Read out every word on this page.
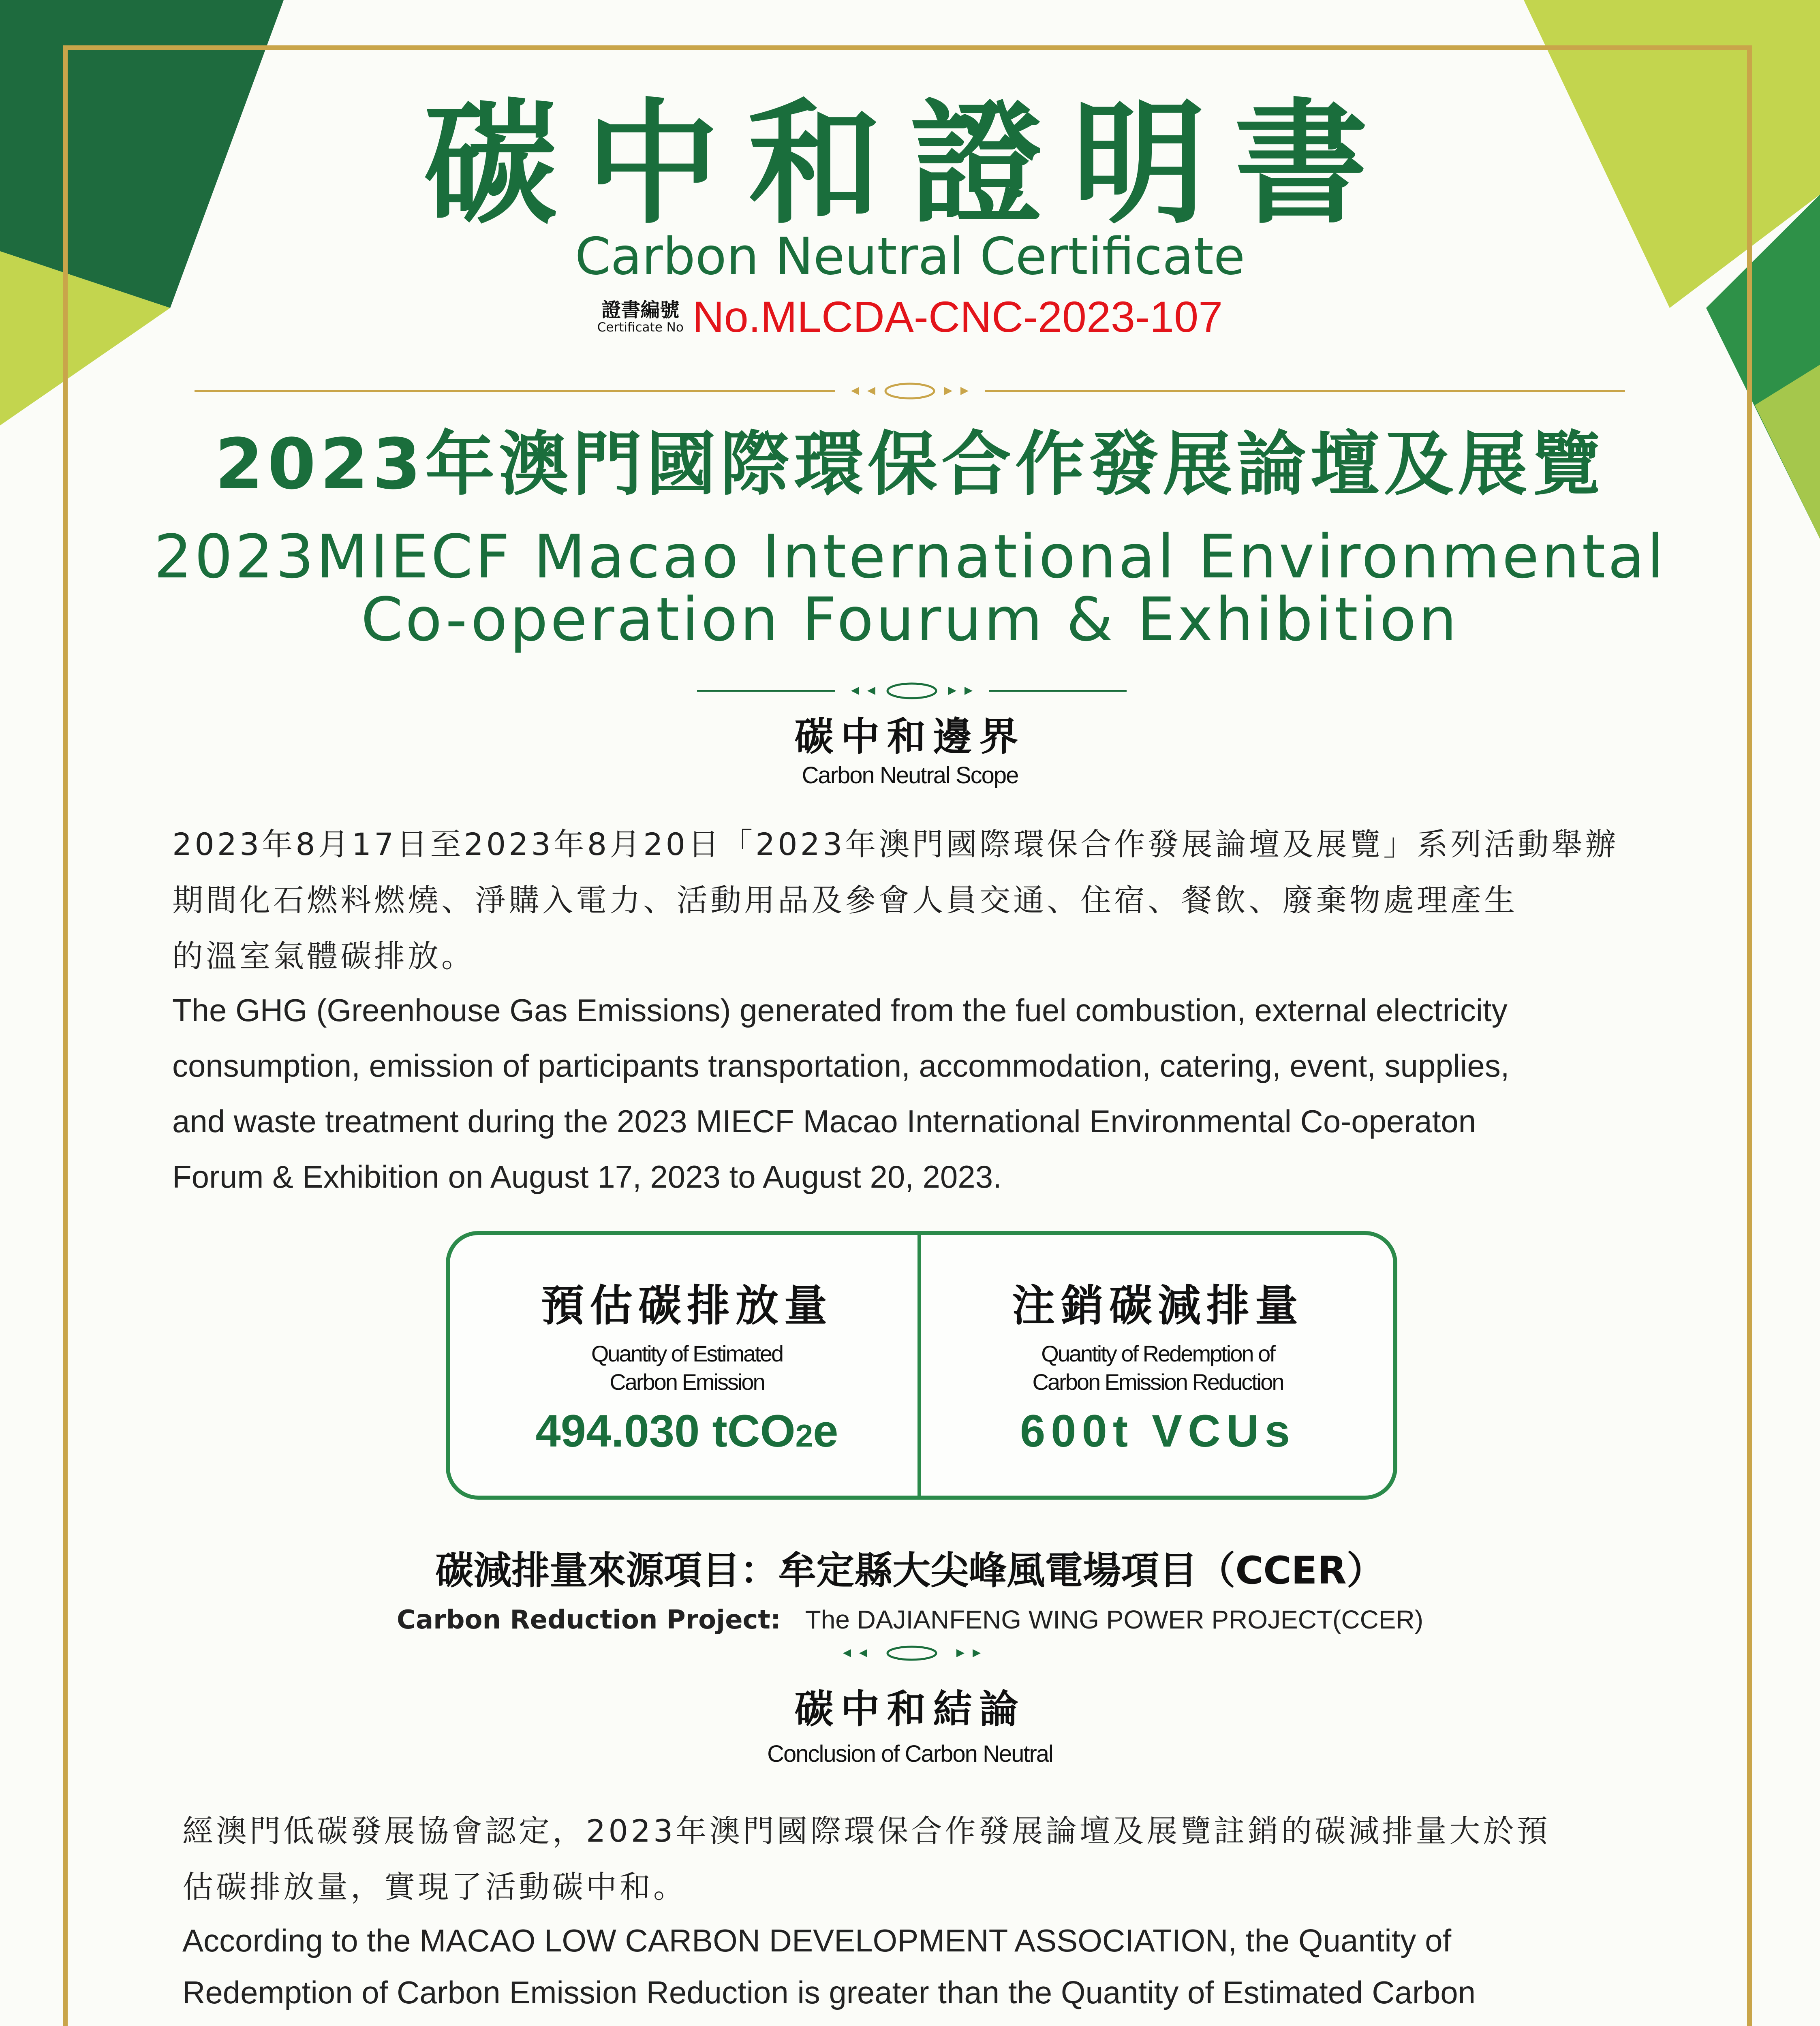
碳中和證明書
Carbon Neutral Certificate
證書編號
Certificate No No.MLCDA-CNC-2023-107
2023年澳門國際環保合作發展論壇及展覽
2023MIECF Macao International Environmental
Co-operation Fourum & Exhibition
碳中和邊界
Carbon Neutral Scope
2023年8月17日至2023年8月20日「2023年澳門國際環保合作發展論壇及展覽」系列活動舉辦
期間化石燃料燃燒、淨購入電力、活動用品及參會人員交通、住宿、餐飲、廢棄物處理產生
的溫室氣體碳排放。
The GHG (Greenhouse Gas Emissions) generated from the fuel combustion, external electricity
consumption, emission of participants transportation, accommodation, catering, event, supplies,
and waste treatment during the 2023 MIECF Macao International Environmental Co-operaton
Forum & Exhibition on August 17, 2023 to August 20, 2023.
預估碳排放量
Quantity of Estimated
Carbon Emission
494.030 tCO2e
注銷碳減排量
Quantity of Redemption of
Carbon Emission Reduction
600t VCUs
碳減排量來源項目：牟定縣大尖峰風電場項目（CCER）
Carbon Reduction Project: The DAJIANFENG WING POWER PROJECT(CCER)
碳中和結論
Conclusion of Carbon Neutral
經澳門低碳發展協會認定，2023年澳門國際環保合作發展論壇及展覽註銷的碳減排量大於預
估碳排放量，實現了活動碳中和。
According to the MACAO LOW CARBON DEVELOPMENT ASSOCIATION, the Quantity of
Redemption of Carbon Emission Reduction is greater than the Quantity of Estimated Carbon
